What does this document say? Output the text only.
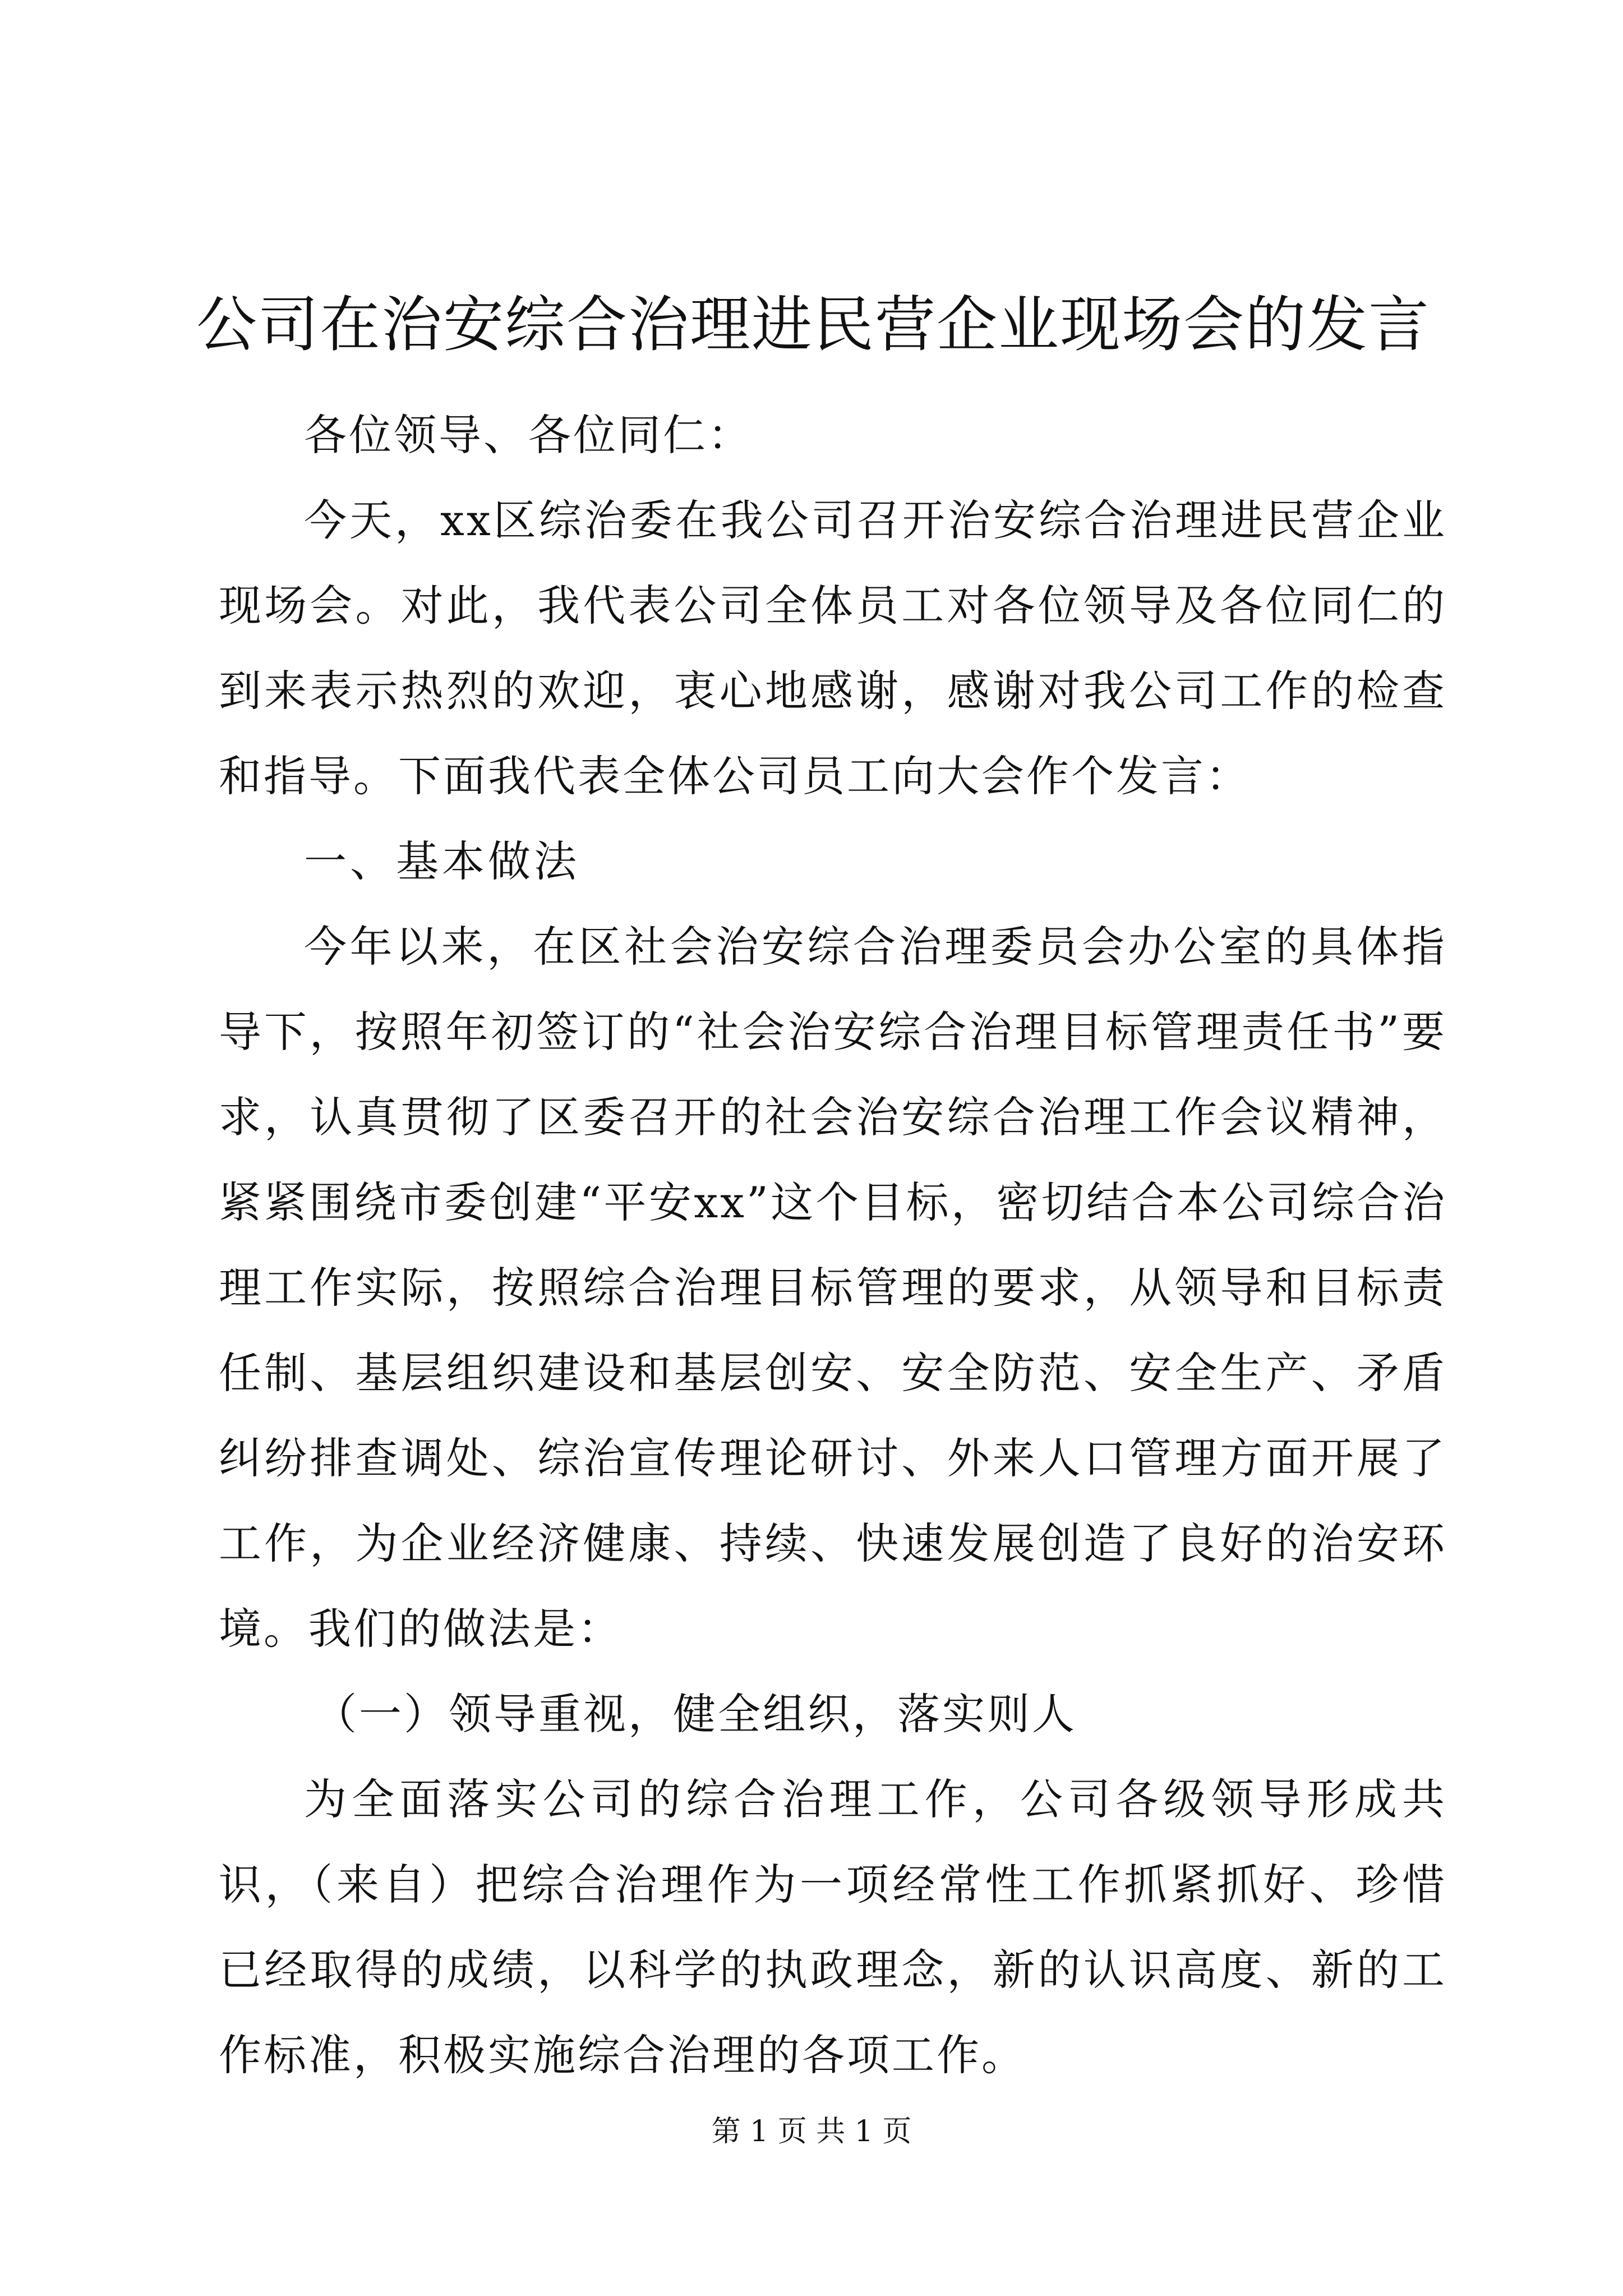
公司在治安综合治理进民营企业现场会的发言

各位领导、各位同仁：

今天，xx区综治委在我公司召开治安综合治理进民营企业现场会。对此，我代表公司全体员工对各位领导及各位同仁的到来表示热烈的欢迎，衷心地感谢，感谢对我公司工作的检查和指导。下面我代表全体公司员工向大会作个发言：

一、基本做法

今年以来，在区社会治安综合治理委员会办公室的具体指导下，按照年初签订的“社会治安综合治理目标管理责任书”要求，认真贯彻了区委召开的社会治安综合治理工作会议精神，紧紧围绕市委创建“平安xx”这个目标，密切结合本公司综合治理工作实际，按照综合治理目标管理的要求，从领导和目标责任制、基层组织建设和基层创安、安全防范、安全生产、矛盾纠纷排查调处、综治宣传理论研讨、外来人口管理方面开展了工作，为企业经济健康、持续、快速发展创造了良好的治安环境。我们的做法是：

（一）领导重视，健全组织，落实则人

为全面落实公司的综合治理工作，公司各级领导形成共识，（来自）把综合治理作为一项经常性工作抓紧抓好、珍惜已经取得的成绩，以科学的执政理念，新的认识高度、新的工作标准，积极实施综合治理的各项工作。

第 1 页 共 1 页
